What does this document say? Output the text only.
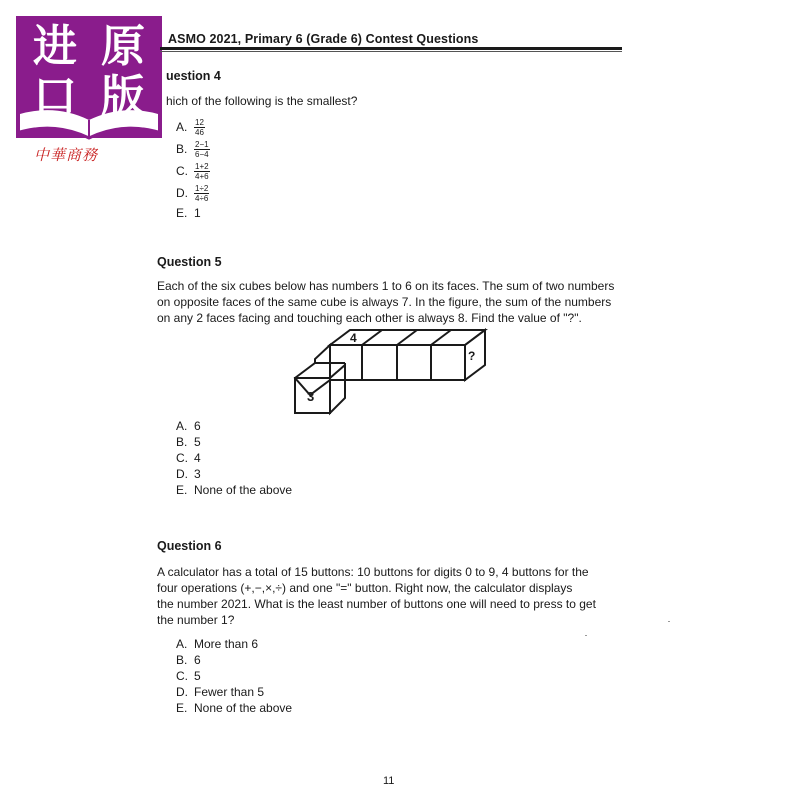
进 原
口 版
中華商務
ASMO 2021, Primary 6 (Grade 6) Contest Questions
uestion 4
hich of the following is the smallest?
A. $\frac{12}{46}$
B. $\frac{2-1}{6-4}$
C. $\frac{1+2}{4+6}$
D. $\frac{1\div 2}{4\div 6}$
E. 1
Question 5
Each of the six cubes below has numbers 1 to 6 on its faces. The sum of two numbers
on opposite faces of the same cube is always 7. In the figure, the sum of the numbers
on any 2 faces facing and touching each other is always 8. Find the value of "?".
4
3
?
A. 6
B. 5
C. 4
D. 3
E. None of the above
Question 6
A calculator has a total of 15 buttons: 10 buttons for digits 0 to 9, 4 buttons for the
four operations (+,−,×,÷) and one "=" button. Right now, the calculator displays
the number 2021. What is the least number of buttons one will need to press to get
the number 1?
A. More than 6
B. 6
C. 5
D. Fewer than 5
E. None of the above
11
